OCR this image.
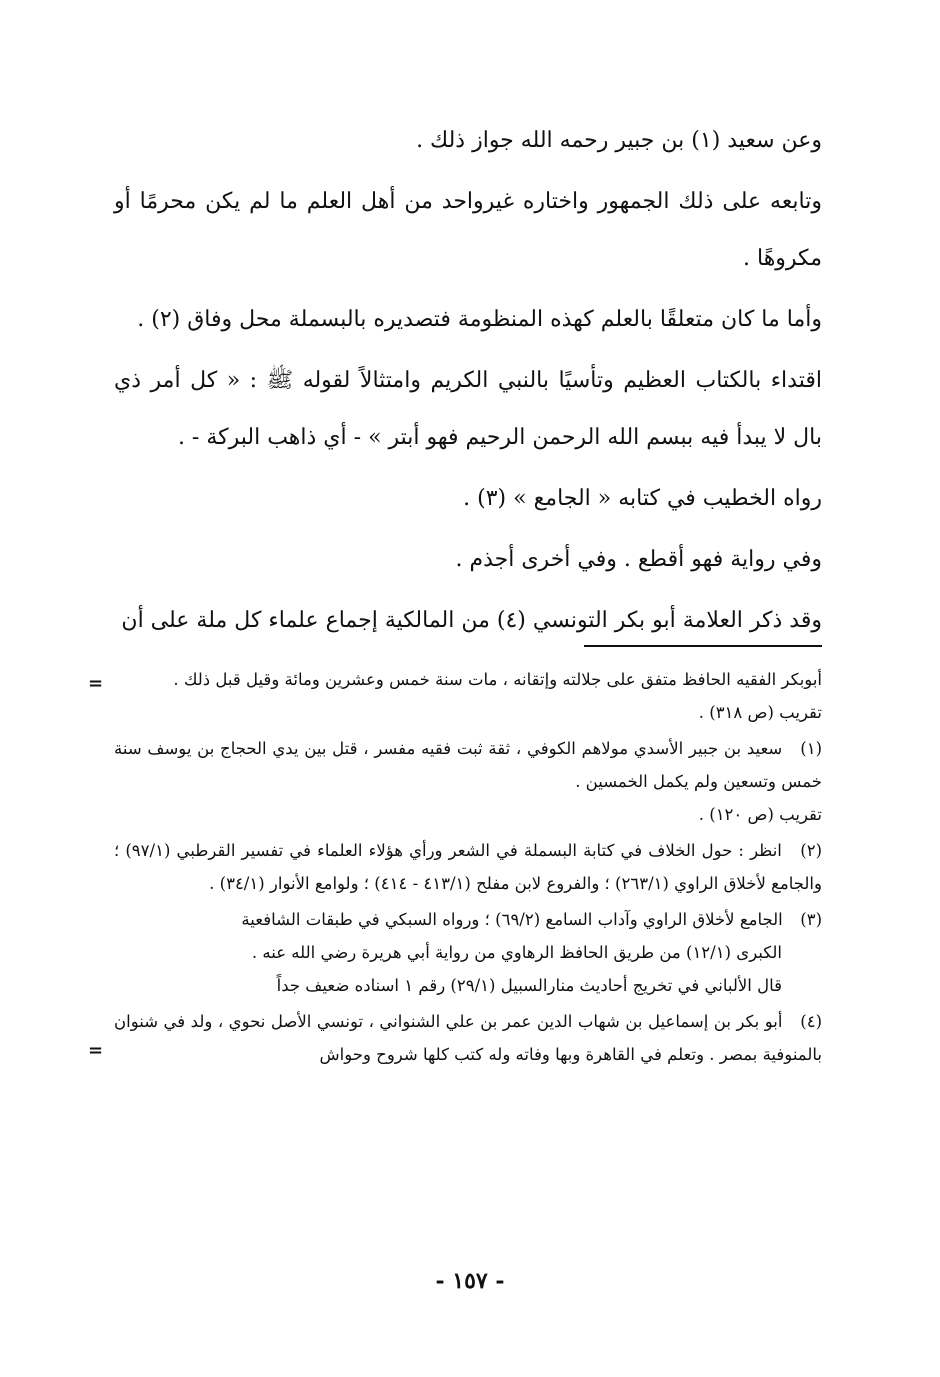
وعن سعيد (١) بن جبير رحمه الله جواز ذلك .

وتابعه على ذلك الجمهور واختاره غيرواحد من أهل العلم ما لم يكن محرمًا أو مكروهًا .

وأما ما كان متعلقًا بالعلم كهذه المنظومة فتصديره بالبسملة محل وفاق (٢) .

اقتداء بالكتاب العظيم وتأسيًا بالنبي الكريم وامتثالاً لقوله ﷺ : « كل أمر ذي بال لا يبدأ فيه ببسم الله الرحمن الرحيم فهو أبتر » - أي ذاهب البركة - .

رواه الخطيب في كتابه « الجامع » (٣) .

وفي رواية فهو أقطع . وفي أخرى أجذم .

وقد ذكر العلامة أبو بكر التونسي (٤) من المالكية إجماع علماء كل ملة على أن

=	أبوبكر الفقيه الحافظ متفق على جلالته وإتقانه ، مات سنة خمس وعشرين ومائة وقيل قبل ذلك .
تقريب (ص ٣١٨) .
(١) سعيد بن جبير الأسدي مولاهم الكوفي ، ثقة ثبت فقيه مفسر ، قتل بين يدي الحجاج بن يوسف سنة خمس وتسعين ولم يكمل الخمسين .
تقريب (ص ١٢٠) .
(٢) انظر : حول الخلاف في كتابة البسملة في الشعر ورأي هؤلاء العلماء في تفسير القرطبي (٩٧/١) ؛ والجامع لأخلاق الراوي (٢٦٣/١) ؛ والفروع لابن مفلح (٤١٣/١ - ٤١٤) ؛ ولوامع الأنوار (٣٤/١) .
(٣) الجامع لأخلاق الراوي وآداب السامع (٦٩/٢) ؛ ورواه السبكي في طبقات الشافعية
الكبرى (١٢/١) من طريق الحافظ الرهاوي من رواية أبي هريرة رضي الله عنه .
قال الألباني في تخريج أحاديث منارالسبيل (٢٩/١) رقم ١ اسناده ضعيف جداً
=
(٤) أبو بكر بن إسماعيل بن شهاب الدين عمر بن علي الشنواني ، تونسي الأصل نحوي ، ولد في شنوان بالمنوفية بمصر . وتعلم في القاهرة وبها وفاته وله كتب كلها شروح وحواش
- ١٥٧ -
